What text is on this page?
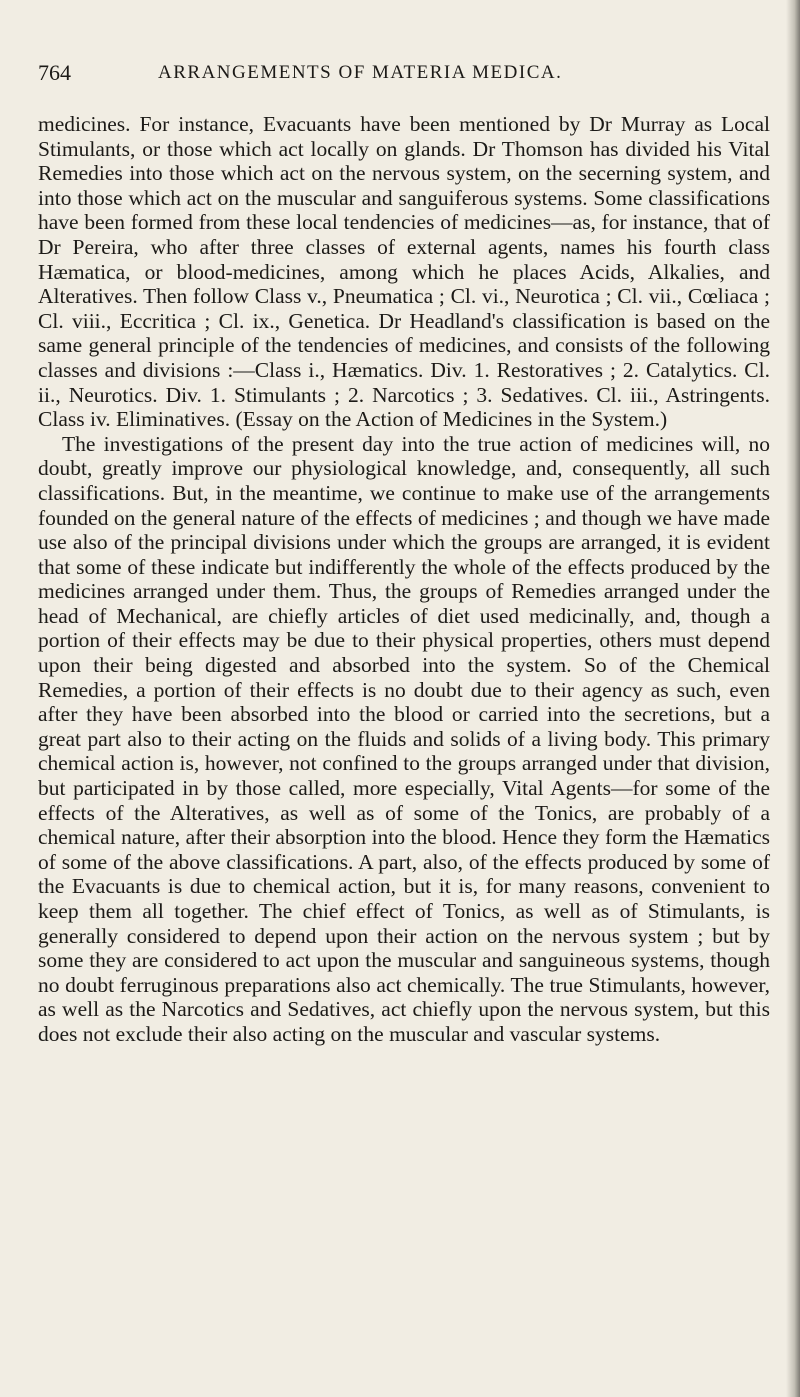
764	ARRANGEMENTS OF MATERIA MEDICA.

medicines. For instance, Evacuants have been mentioned by Dr Murray as Local Stimulants, or those which act locally on glands. Dr Thomson has divided his Vital Remedies into those which act on the nervous system, on the secerning system, and into those which act on the muscular and sanguiferous systems. Some classifications have been formed from these local tendencies of medicines—as, for instance, that of Dr Pereira, who after three classes of external agents, names his fourth class Hæmatica, or blood-medicines, among which he places Acids, Alkalies, and Alteratives. Then follow Class v., Pneumatica ; Cl. vi., Neurotica ; Cl. vii., Cœliaca ; Cl. viii., Eccritica ; Cl. ix., Genetica. Dr Headland's classification is based on the same general principle of the tendencies of medicines, and consists of the following classes and divisions :—Class i., Hæmatics. Div. 1. Restoratives ; 2. Catalytics. Cl. ii., Neurotics. Div. 1. Stimulants ; 2. Narcotics ; 3. Sedatives. Cl. iii., Astringents. Class iv. Eliminatives. (Essay on the Action of Medicines in the System.)

The investigations of the present day into the true action of medicines will, no doubt, greatly improve our physiological knowledge, and, consequently, all such classifications. But, in the meantime, we continue to make use of the arrangements founded on the general nature of the effects of medicines ; and though we have made use also of the principal divisions under which the groups are arranged, it is evident that some of these indicate but indifferently the whole of the effects produced by the medicines arranged under them. Thus, the groups of Remedies arranged under the head of Mechanical, are chiefly articles of diet used medicinally, and, though a portion of their effects may be due to their physical properties, others must depend upon their being digested and absorbed into the system. So of the Chemical Remedies, a portion of their effects is no doubt due to their agency as such, even after they have been absorbed into the blood or carried into the secretions, but a great part also to their acting on the fluids and solids of a living body. This primary chemical action is, however, not confined to the groups arranged under that division, but participated in by those called, more especially, Vital Agents—for some of the effects of the Alteratives, as well as of some of the Tonics, are probably of a chemical nature, after their absorption into the blood. Hence they form the Hæmatics of some of the above classifications. A part, also, of the effects produced by some of the Evacuants is due to chemical action, but it is, for many reasons, convenient to keep them all together. The chief effect of Tonics, as well as of Stimulants, is generally considered to depend upon their action on the nervous system ; but by some they are considered to act upon the muscular and sanguineous systems, though no doubt ferruginous preparations also act chemically. The true Stimulants, however, as well as the Narcotics and Sedatives, act chiefly upon the nervous system, but this does not exclude their also acting on the muscular and vascular systems.
